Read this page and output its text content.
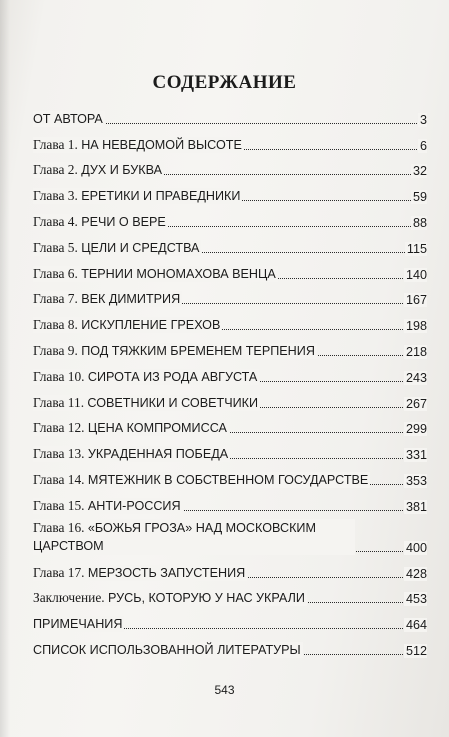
СОДЕРЖАНИЕ
ОТ АВТОРА	3
Глава 1. НА НЕВЕДОМОЙ ВЫСОТЕ	6
Глава 2. ДУХ И БУКВА	32
Глава 3. ЕРЕТИКИ И ПРАВЕДНИКИ	59
Глава 4. РЕЧИ О ВЕРЕ	88
Глава 5. ЦЕЛИ И СРЕДСТВА	115
Глава 6. ТЕРНИИ МОНОМАХОВА ВЕНЦА	140
Глава 7. ВЕК ДИМИТРИЯ	167
Глава 8. ИСКУПЛЕНИЕ ГРЕХОВ	198
Глава 9. ПОД ТЯЖКИМ БРЕМЕНЕМ ТЕРПЕНИЯ	218
Глава 10. СИРОТА ИЗ РОДА АВГУСТА	243
Глава 11. СОВЕТНИКИ И СОВЕТЧИКИ	267
Глава 12. ЦЕНА КОМПРОМИССА	299
Глава 13. УКРАДЕННАЯ ПОБЕДА	331
Глава 14. МЯТЕЖНИК В СОБСТВЕННОМ ГОСУДАРСТВЕ	353
Глава 15. АНТИ-РОССИЯ	381
Глава 16. «БОЖЬЯ ГРОЗА» НАД МОСКОВСКИМ ЦАРСТВОМ	400
Глава 17. МЕРЗОСТЬ ЗАПУСТЕНИЯ	428
Заключение. РУСЬ, КОТОРУЮ У НАС УКРАЛИ	453
ПРИМЕЧАНИЯ	464
СПИСОК ИСПОЛЬЗОВАННОЙ ЛИТЕРАТУРЫ	512
543
